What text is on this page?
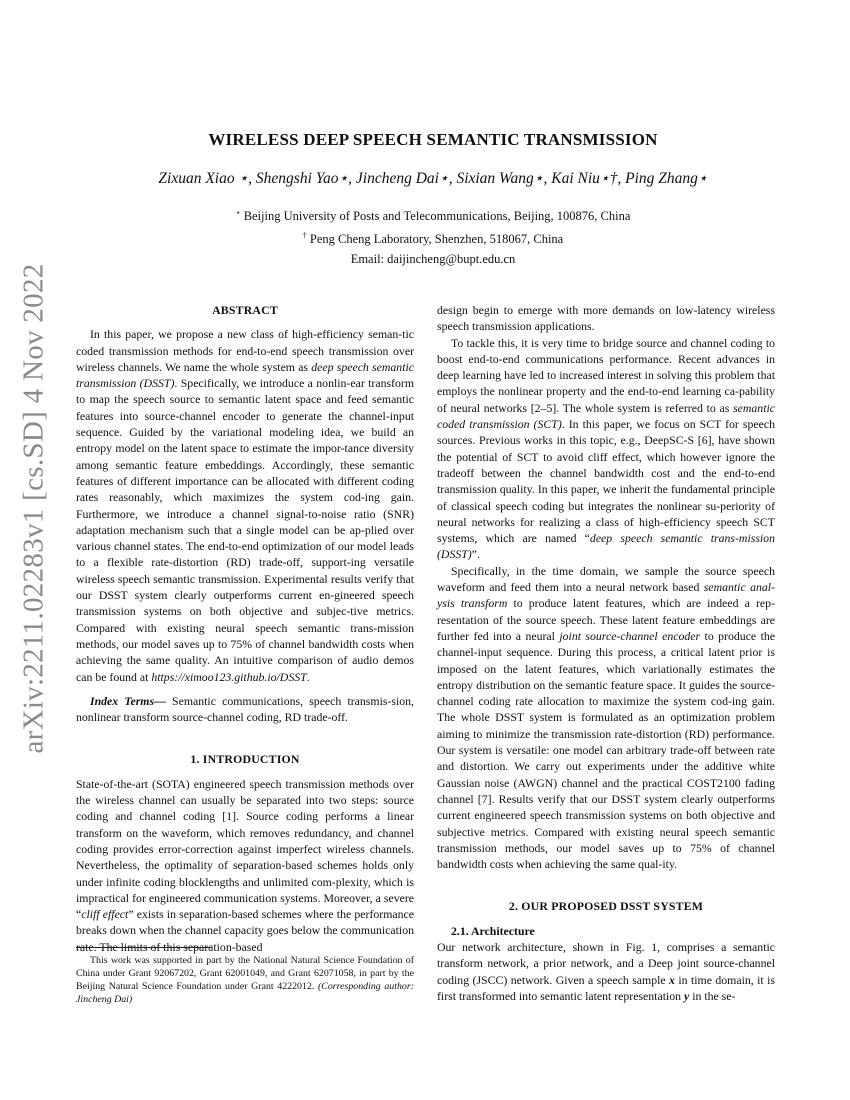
arXiv:2211.02283v1 [cs.SD] 4 Nov 2022
WIRELESS DEEP SPEECH SEMANTIC TRANSMISSION
Zixuan Xiao ⋆, Shengshi Yao⋆, Jincheng Dai⋆, Sixian Wang⋆, Kai Niu⋆†, Ping Zhang⋆
⋆ Beijing University of Posts and Telecommunications, Beijing, 100876, China
† Peng Cheng Laboratory, Shenzhen, 518067, China
Email: daijincheng@bupt.edu.cn
ABSTRACT

In this paper, we propose a new class of high-efficiency seman-tic coded transmission methods for end-to-end speech transmission over wireless channels. We name the whole system as deep speech semantic transmission (DSST). Specifically, we introduce a nonlin-ear transform to map the speech source to semantic latent space and feed semantic features into source-channel encoder to generate the channel-input sequence. Guided by the variational modeling idea, we build an entropy model on the latent space to estimate the impor-tance diversity among semantic feature embeddings. Accordingly, these semantic features of different importance can be allocated with different coding rates reasonably, which maximizes the system cod-ing gain. Furthermore, we introduce a channel signal-to-noise ratio (SNR) adaptation mechanism such that a single model can be ap-plied over various channel states. The end-to-end optimization of our model leads to a flexible rate-distortion (RD) trade-off, support-ing versatile wireless speech semantic transmission. Experimental results verify that our DSST system clearly outperforms current en-gineered speech transmission systems on both objective and subjec-tive metrics. Compared with existing neural speech semantic trans-mission methods, our model saves up to 75% of channel bandwidth costs when achieving the same quality. An intuitive comparison of audio demos can be found at https://ximoo123.github.io/DSST.

Index Terms— Semantic communications, speech transmis-sion, nonlinear transform source-channel coding, RD trade-off.

1. INTRODUCTION

State-of-the-art (SOTA) engineered speech transmission methods over the wireless channel can usually be separated into two steps: source coding and channel coding [1]. Source coding performs a linear transform on the waveform, which removes redundancy, and channel coding provides error-correction against imperfect wireless channels. Nevertheless, the optimality of separation-based schemes holds only under infinite coding blocklengths and unlimited com-plexity, which is impractical for engineered communication systems. Moreover, a severe “cliff effect” exists in separation-based schemes where the performance breaks down when the channel capacity goes below the communication rate. The limits of this separation-based

This work was supported in part by the National Natural Science Foundation of China under Grant 92067202, Grant 62001049, and Grant 62071058, in part by the Beijing Natural Science Foundation under Grant 4222012. (Corresponding author: Jincheng Dai)

design begin to emerge with more demands on low-latency wireless speech transmission applications.

To tackle this, it is very time to bridge source and channel coding to boost end-to-end communications performance. Recent advances in deep learning have led to increased interest in solving this problem that employs the nonlinear property and the end-to-end learning ca-pability of neural networks [2–5]. The whole system is referred to as semantic coded transmission (SCT). In this paper, we focus on SCT for speech sources. Previous works in this topic, e.g., DeepSC-S [6], have shown the potential of SCT to avoid cliff effect, which however ignore the tradeoff between the channel bandwidth cost and the end-to-end transmission quality. In this paper, we inherit the fundamental principle of classical speech coding but integrates the nonlinear su-periority of neural networks for realizing a class of high-efficiency speech SCT systems, which are named “deep speech semantic trans-mission (DSST)”.

Specifically, in the time domain, we sample the source speech waveform and feed them into a neural network based semantic anal-ysis transform to produce latent features, which are indeed a rep-resentation of the source speech. These latent feature embeddings are further fed into a neural joint source-channel encoder to produce the channel-input sequence. During this process, a critical latent prior is imposed on the latent features, which variationally estimates the entropy distribution on the semantic feature space. It guides the source-channel coding rate allocation to maximize the system cod-ing gain. The whole DSST system is formulated as an optimization problem aiming to minimize the transmission rate-distortion (RD) performance. Our system is versatile: one model can arbitrary trade-off between rate and distortion. We carry out experiments under the additive white Gaussian noise (AWGN) channel and the practical COST2100 fading channel [7]. Results verify that our DSST system clearly outperforms current engineered speech transmission systems on both objective and subjective metrics. Compared with existing neural speech semantic transmission methods, our model saves up to 75% of channel bandwidth costs when achieving the same qual-ity.

2. OUR PROPOSED DSST SYSTEM

2.1. Architecture

Our network architecture, shown in Fig. 1, comprises a semantic transform network, a prior network, and a Deep joint source-channel coding (JSCC) network. Given a speech sample x in time domain, it is first transformed into semantic latent representation y in the se-
